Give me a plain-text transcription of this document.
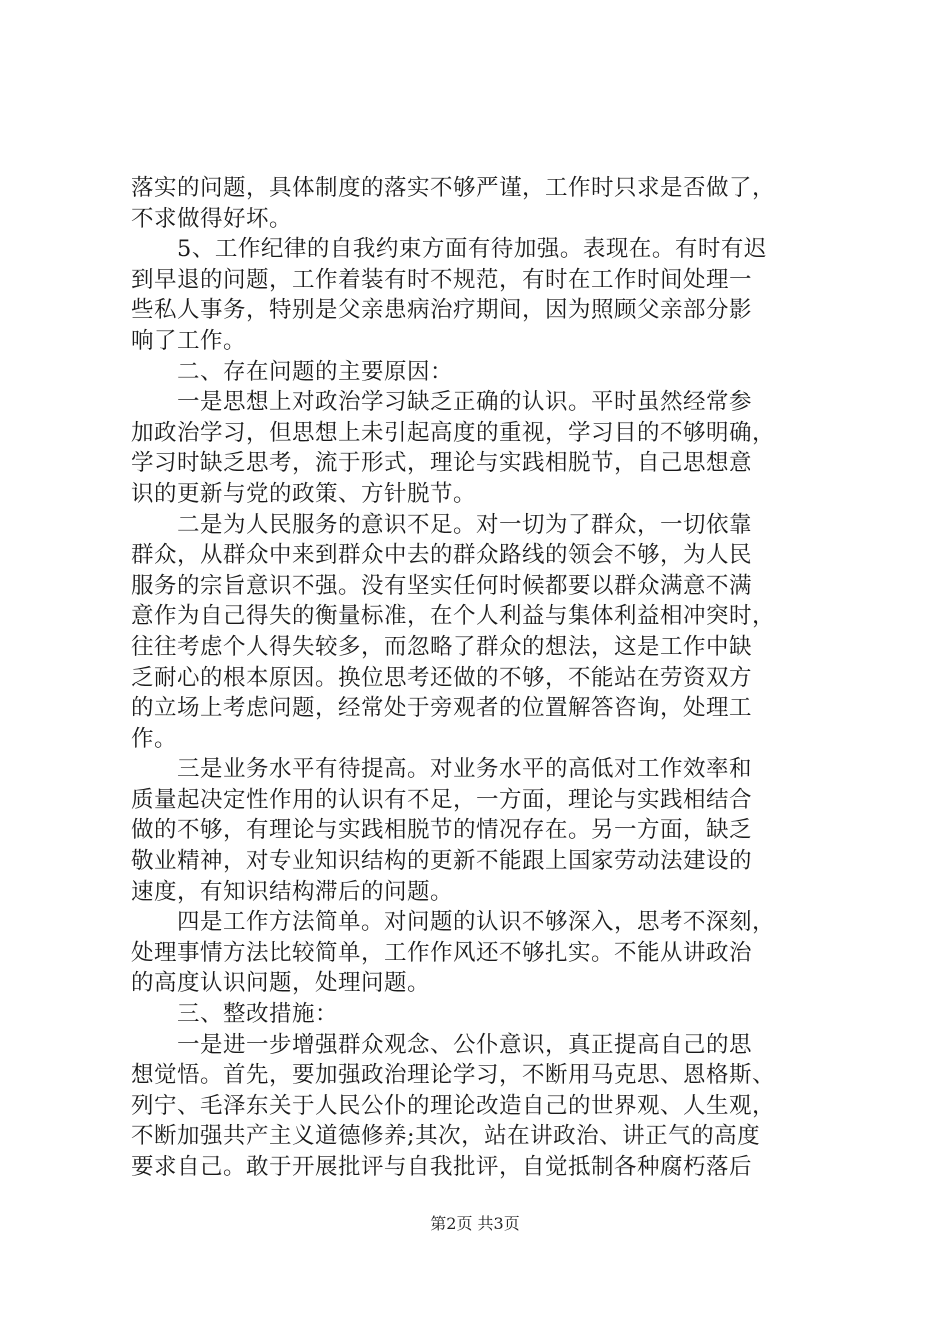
落实的问题，具体制度的落实不够严谨，工作时只求是否做了，
不求做得好坏。
5、工作纪律的自我约束方面有待加强。表现在。有时有迟
到早退的问题，工作着装有时不规范，有时在工作时间处理一
些私人事务，特别是父亲患病治疗期间，因为照顾父亲部分影
响了工作。
二、存在问题的主要原因：
一是思想上对政治学习缺乏正确的认识。平时虽然经常参
加政治学习，但思想上未引起高度的重视，学习目的不够明确，
学习时缺乏思考，流于形式，理论与实践相脱节，自己思想意
识的更新与党的政策、方针脱节。
二是为人民服务的意识不足。对一切为了群众，一切依靠
群众，从群众中来到群众中去的群众路线的领会不够，为人民
服务的宗旨意识不强。没有坚实任何时候都要以群众满意不满
意作为自己得失的衡量标准，在个人利益与集体利益相冲突时，
往往考虑个人得失较多，而忽略了群众的想法，这是工作中缺
乏耐心的根本原因。换位思考还做的不够，不能站在劳资双方
的立场上考虑问题，经常处于旁观者的位置解答咨询，处理工
作。
三是业务水平有待提高。对业务水平的高低对工作效率和
质量起决定性作用的认识有不足，一方面，理论与实践相结合
做的不够，有理论与实践相脱节的情况存在。另一方面，缺乏
敬业精神，对专业知识结构的更新不能跟上国家劳动法建设的
速度，有知识结构滞后的问题。
四是工作方法简单。对问题的认识不够深入，思考不深刻，
处理事情方法比较简单，工作作风还不够扎实。不能从讲政治
的高度认识问题，处理问题。
三、整改措施：
一是进一步增强群众观念、公仆意识，真正提高自己的思
想觉悟。首先，要加强政治理论学习，不断用马克思、恩格斯、
列宁、毛泽东关于人民公仆的理论改造自己的世界观、人生观，
不断加强共产主义道德修养;其次，站在讲政治、讲正气的高度
要求自己。敢于开展批评与自我批评，自觉抵制各种腐朽落后
第2页 共3页
